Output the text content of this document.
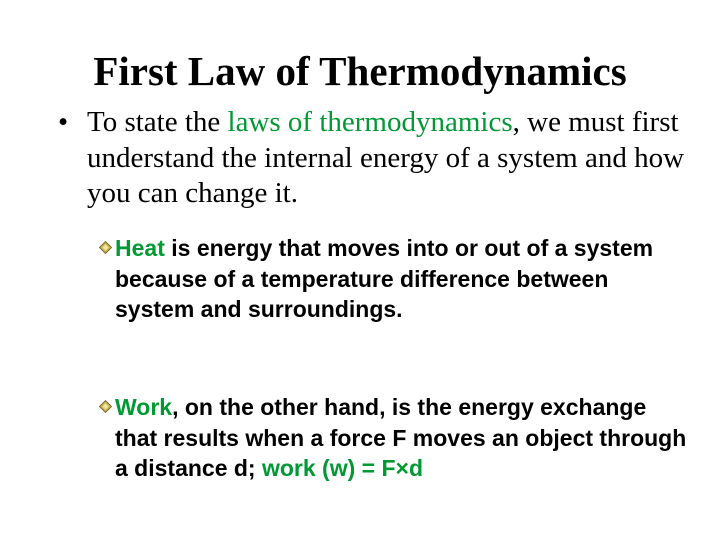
First Law of Thermodynamics
• To state the laws of thermodynamics, we must first understand the internal energy of a system and how you can change it.
Heat is energy that moves into or out of a system because of a temperature difference between system and surroundings.
Work, on the other hand, is the energy exchange that results when a force F moves an object through a distance d; work (w) = F×d
